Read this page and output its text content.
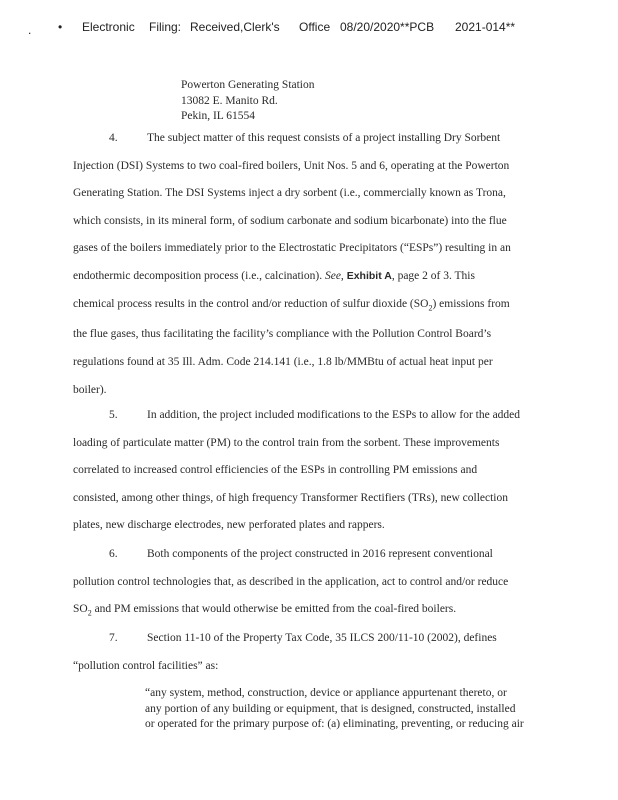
. • Electronic Filing: Received,Clerk's Office 08/20/2020**PCB 2021-014**
Powerton Generating Station
13082 E. Manito Rd.
Pekin, IL 61554
4.	The subject matter of this request consists of a project installing Dry Sorbent
Injection (DSI) Systems to two coal-fired boilers, Unit Nos. 5 and 6, operating at the Powerton
Generating Station. The DSI Systems inject a dry sorbent (i.e., commercially known as Trona,
which consists, in its mineral form, of sodium carbonate and sodium bicarbonate) into the flue
gases of the boilers immediately prior to the Electrostatic Precipitators (“ESPs”) resulting in an
endothermic decomposition process (i.e., calcination). See, Exhibit A, page 2 of 3. This
chemical process results in the control and/or reduction of sulfur dioxide $(SO_2)$ emissions from
the flue gases, thus facilitating the facility’s compliance with the Pollution Control Board’s
regulations found at 35 Ill. Adm. Code 214.141 (i.e., 1.8 lb/MMBtu of actual heat input per
boiler).
5.	In addition, the project included modifications to the ESPs to allow for the added
loading of particulate matter (PM) to the control train from the sorbent. These improvements
correlated to increased control efficiencies of the ESPs in controlling PM emissions and
consisted, among other things, of high frequency Transformer Rectifiers (TRs), new collection
plates, new discharge electrodes, new perforated plates and rappers.
6.	Both components of the project constructed in 2016 represent conventional
pollution control technologies that, as described in the application, act to control and/or reduce
$SO_2$ and PM emissions that would otherwise be emitted from the coal-fired boilers.
7.	Section 11-10 of the Property Tax Code, 35 ILCS 200/11-10 (2002), defines
“pollution control facilities” as:
“any system, method, construction, device or appliance appurtenant thereto, or
any portion of any building or equipment, that is designed, constructed, installed
or operated for the primary purpose of: (a) eliminating, preventing, or reducing air
